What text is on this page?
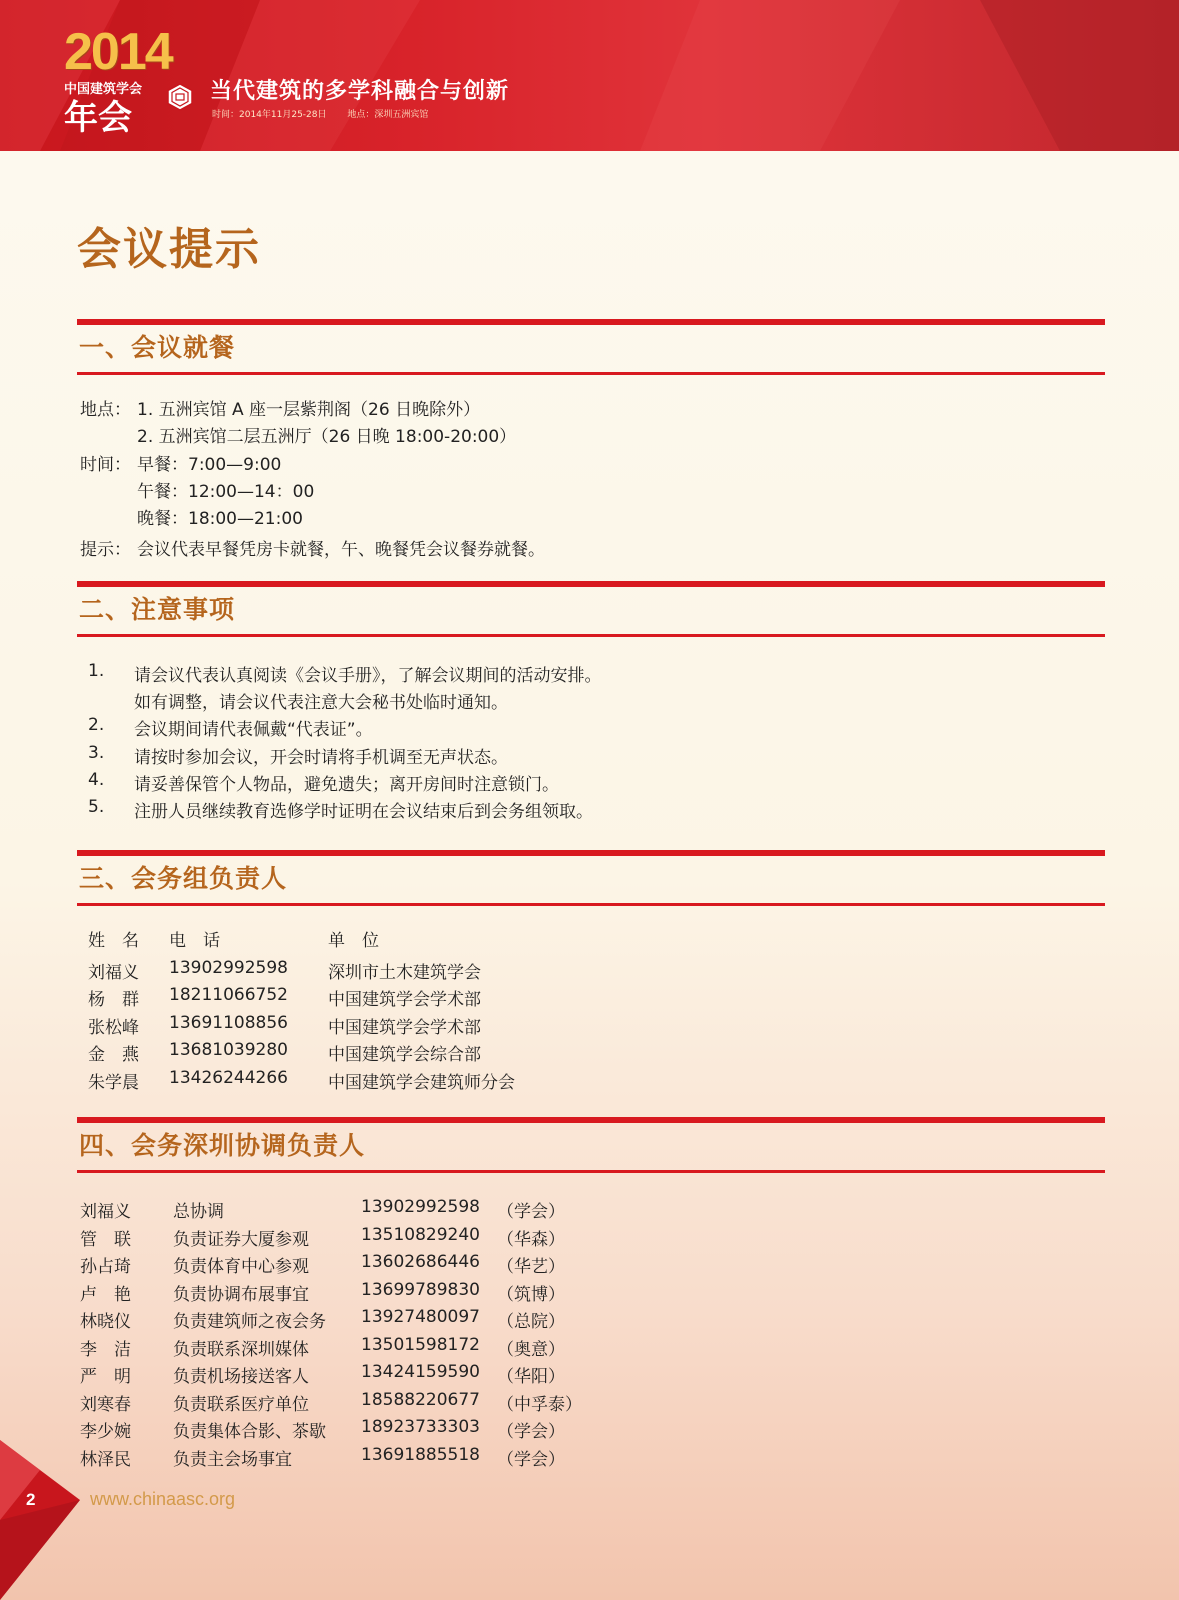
2014
中国建筑学会
年会
当代建筑的多学科融合与创新
时间：2014年11月25-28日 地点：深圳五洲宾馆
会议提示
一、会议就餐
地点： 1. 五洲宾馆 A 座一层紫荆阁（26 日晚除外）
2. 五洲宾馆二层五洲厅（26 日晚 18:00-20:00）
时间： 早餐：7:00—9:00
午餐：12:00—14：00
晚餐：18:00—21:00
提示： 会议代表早餐凭房卡就餐，午、晚餐凭会议餐券就餐。
二、注意事项
1. 请会议代表认真阅读《会议手册》，了解会议期间的活动安排。
如有调整，请会议代表注意大会秘书处临时通知。
2. 会议期间请代表佩戴“代表证”。
3. 请按时参加会议，开会时请将手机调至无声状态。
4. 请妥善保管个人物品，避免遗失；离开房间时注意锁门。
5. 注册人员继续教育选修学时证明在会议结束后到会务组领取。
三、会务组负责人
姓　名 电　话	单　位
刘福义 13902992598 深圳市土木建筑学会
杨　群 18211066752 中国建筑学会学术部
张松峰 13691108856 中国建筑学会学术部
金　燕 13681039280 中国建筑学会综合部
朱学晨 13426244266 中国建筑学会建筑师分会
四、会务深圳协调负责人
刘福义 总协调	13902992598 （学会）
管　联 负责证券大厦参观	13510829240 （华森）
孙占琦 负责体育中心参观	13602686446 （华艺）
卢　艳 负责协调布展事宜	13699789830 （筑博）
林晓仪 负责建筑师之夜会务 13927480097 （总院）
李　洁 负责联系深圳媒体	13501598172 （奥意）
严　明 负责机场接送客人	13424159590 （华阳）
刘寒春 负责联系医疗单位	18588220677 （中孚泰）
李少婉 负责集体合影、茶歇 18923733303 （学会）
林泽民 负责主会场事宜	13691885518 （学会）
2	www.chinaasc.org
